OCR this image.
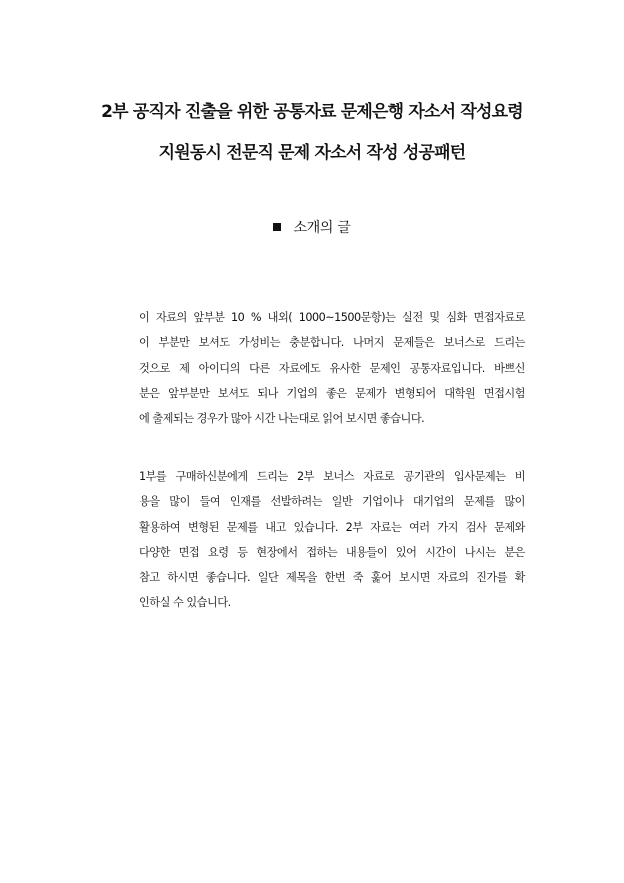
2부 공직자 진출을 위한 공통자료 문제은행 자소서 작성요령
지원동시 전문직 문제 자소서 작성 성공패턴
소개의 글
이 자료의 앞부분 10 % 내외( 1000~1500문항)는 실전 및 심화 면접자료로
이 부분만 보셔도 가성비는 충분합니다. 나머지 문제들은 보너스로 드리는
것으로 제 아이디의 다른 자료에도 유사한 문제인 공통자료입니다. 바쁘신
분은 앞부분만 보셔도 되나 기업의 좋은 문제가 변형되어 대학원 면접시험
에 출제되는 경우가 많아 시간 나는대로 읽어 보시면 좋습니다.
1부를 구매하신분에게 드리는 2부 보너스 자료로 공기관의 입사문제는 비
용을 많이 들여 인재를 선발하려는 일반 기업이나 대기업의 문제를 많이
활용하여 변형된 문제를 내고 있습니다. 2부 자료는 여러 가지 검사 문제와
다양한 면접 요령 등 현장에서 접하는 내용들이 있어 시간이 나시는 분은
참고 하시면 좋습니다. 일단 제목을 한번 죽 훑어 보시면 자료의 진가를 확
인하실 수 있습니다.
